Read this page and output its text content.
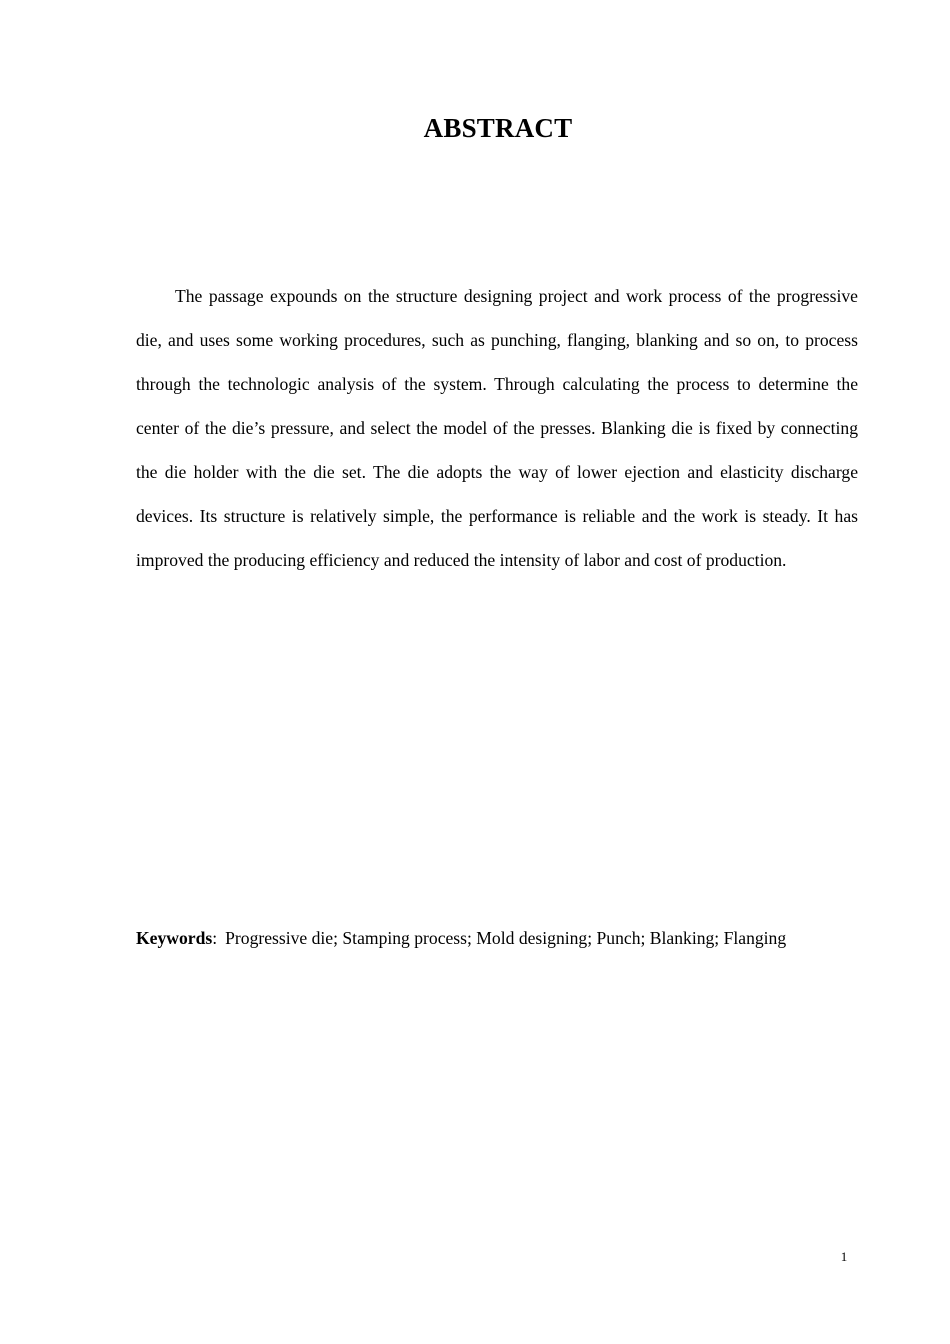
ABSTRACT

The passage expounds on the structure designing project and work process of the progressive die, and uses some working procedures, such as punching, flanging, blanking and so on, to process through the technologic analysis of the system. Through calculating the process to determine the center of the die’s pressure, and select the model of the presses. Blanking die is fixed by connecting the die holder with the die set. The die adopts the way of lower ejection and elasticity discharge devices. Its structure is relatively simple, the performance is reliable and the work is steady. It has improved the producing efficiency and reduced the intensity of labor and cost of production.

Keywords: Progressive die; Stamping process; Mold designing; Punch; Blanking; Flanging

1
